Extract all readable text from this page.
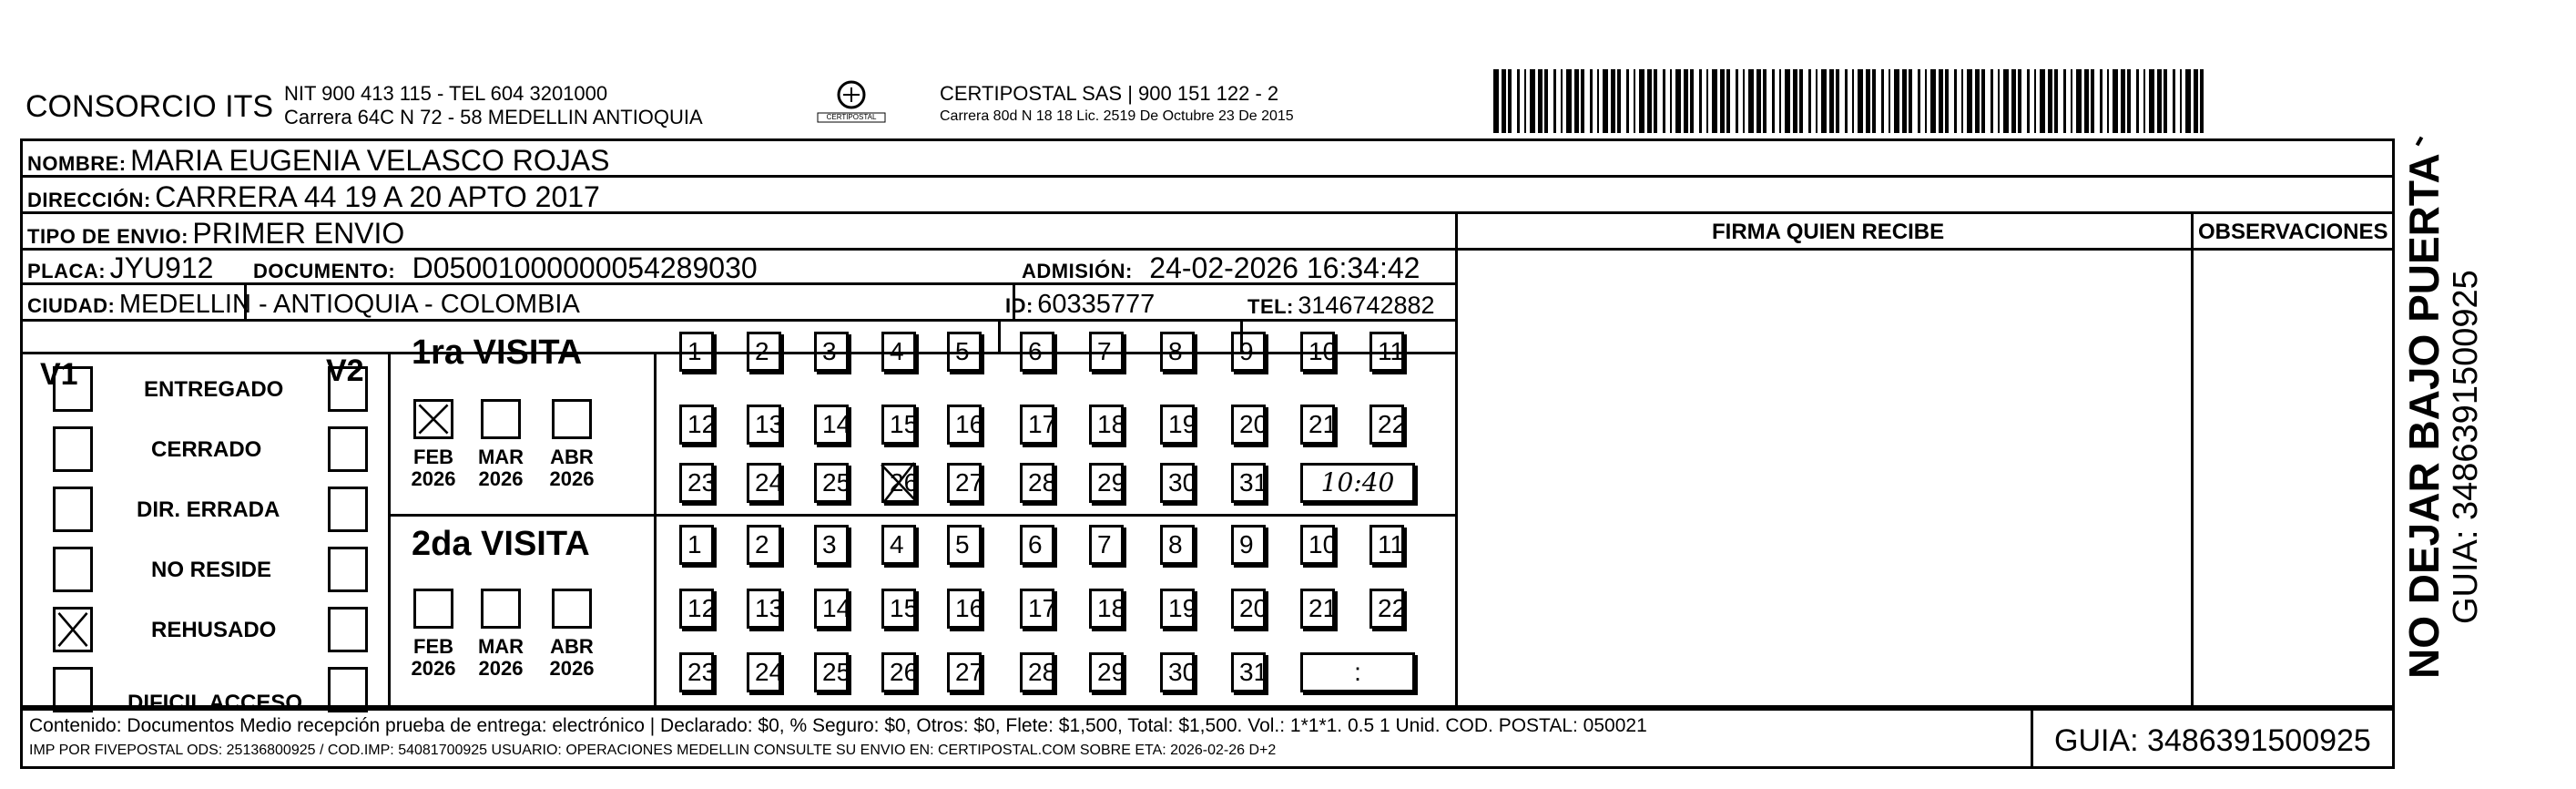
CONSORCIO ITS NIT 900 413 115 - TEL 604 3201000
Carrera 64C N 72 - 58 MEDELLIN ANTIOQUIA	CERTIPOSTAL
CERTIPOSTAL SAS | 900 151 122 - 2
Carrera 80d N 18 18 Lic. 2519 De Octubre 23 De 2015
NOMBRE: MARIA EUGENIA VELASCO ROJAS
DIRECCIÓN: CARRERA 44 19 A 20 APTO 2017
TIPO DE ENVIO: PRIMER ENVIO	FIRMA QUIEN RECIBE	OBSERVACIONES
PLACA: JYU912 DOCUMENTO: D05001000000054289030	ADMISIÓN: 24-02-2026 16:34:42
CIUDAD: MEDELLIN - ANTIOQUIA - COLOMBIA	ID: 60335777	TEL: 3146742882
V1	V2
ENTREGADO
CERRADO
DIR. ERRADA
NO RESIDE
REHUSADO
DIFICIL ACCESO
1ra VISITA
2da VISITA
FEB
2026
MAR
2026
ABR
2026
FEB
2026
MAR
2026
ABR
2026
1	2	3	4	5	6	7	8	9	10	11
12	13	14	15	16	17	18	19	20	21	22
23	24	25	26	27	28	29	30	31	10:40
1	2	3	4	5	6	7	8	9	10	11
12	13	14	15	16	17	18	19	20	21	22
23	24	25	26	27	28	29	30	31	:
Contenido: Documentos Medio recepción prueba de entrega: electrónico | Declarado: $0, % Seguro: $0, Otros: $0, Flete: $1,500, Total: $1,500. Vol.: 1*1*1. 0.5 1 Unid. COD. POSTAL: 050021
IMP POR FIVEPOSTAL ODS: 25136800925 / COD.IMP: 54081700925 USUARIO: OPERACIONES MEDELLIN CONSULTE SU ENVIO EN: CERTIPOSTAL.COM SOBRE ETA: 2026-02-26 D+2	GUIA: 3486391500925
NO DEJAR BAJO PUERTA GUIA: 3486391500925
